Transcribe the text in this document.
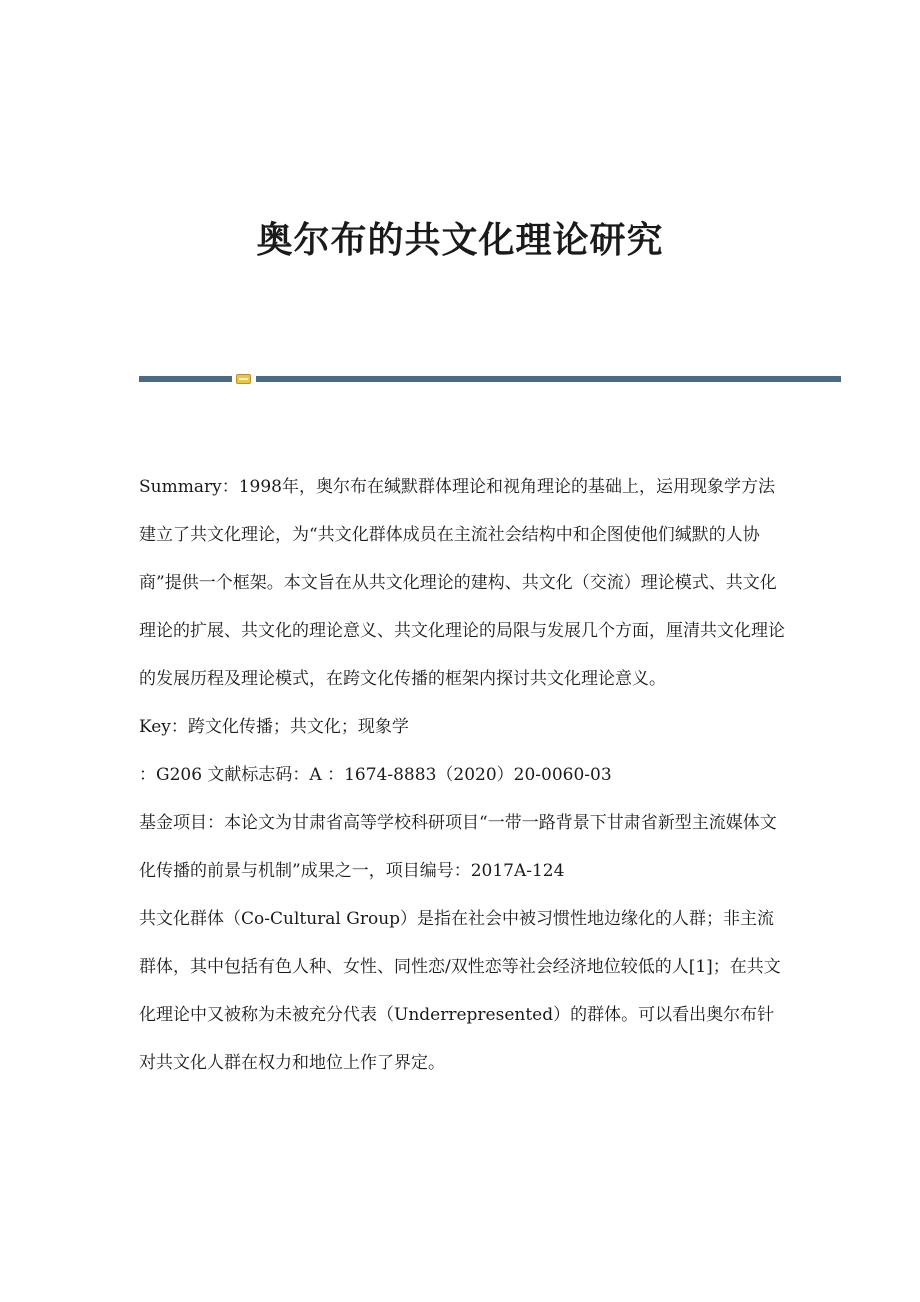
奥尔布的共文化理论研究

Summary：1998年，奥尔布在缄默群体理论和视角理论的基础上，运用现象学方法建立了共文化理论，为“共文化群体成员在主流社会结构中和企图使他们缄默的人协商”提供一个框架。本文旨在从共文化理论的建构、共文化（交流）理论模式、共文化理论的扩展、共文化的理论意义、共文化理论的局限与发展几个方面，厘清共文化理论的发展历程及理论模式，在跨文化传播的框架内探讨共文化理论意义。

Key：跨文化传播；共文化；现象学

：G206 文献标志码：A ：1674-8883（2020）20-0060-03

基金项目：本论文为甘肃省高等学校科研项目“一带一路背景下甘肃省新型主流媒体文化传播的前景与机制”成果之一，项目编号：2017A-124

共文化群体（Co-Cultural Group）是指在社会中被习惯性地边缘化的人群；非主流群体，其中包括有色人种、女性、同性恋/双性恋等社会经济地位较低的人[1]；在共文化理论中又被称为未被充分代表（Underrepresented）的群体。可以看出奥尔布针对共文化人群在权力和地位上作了界定。
